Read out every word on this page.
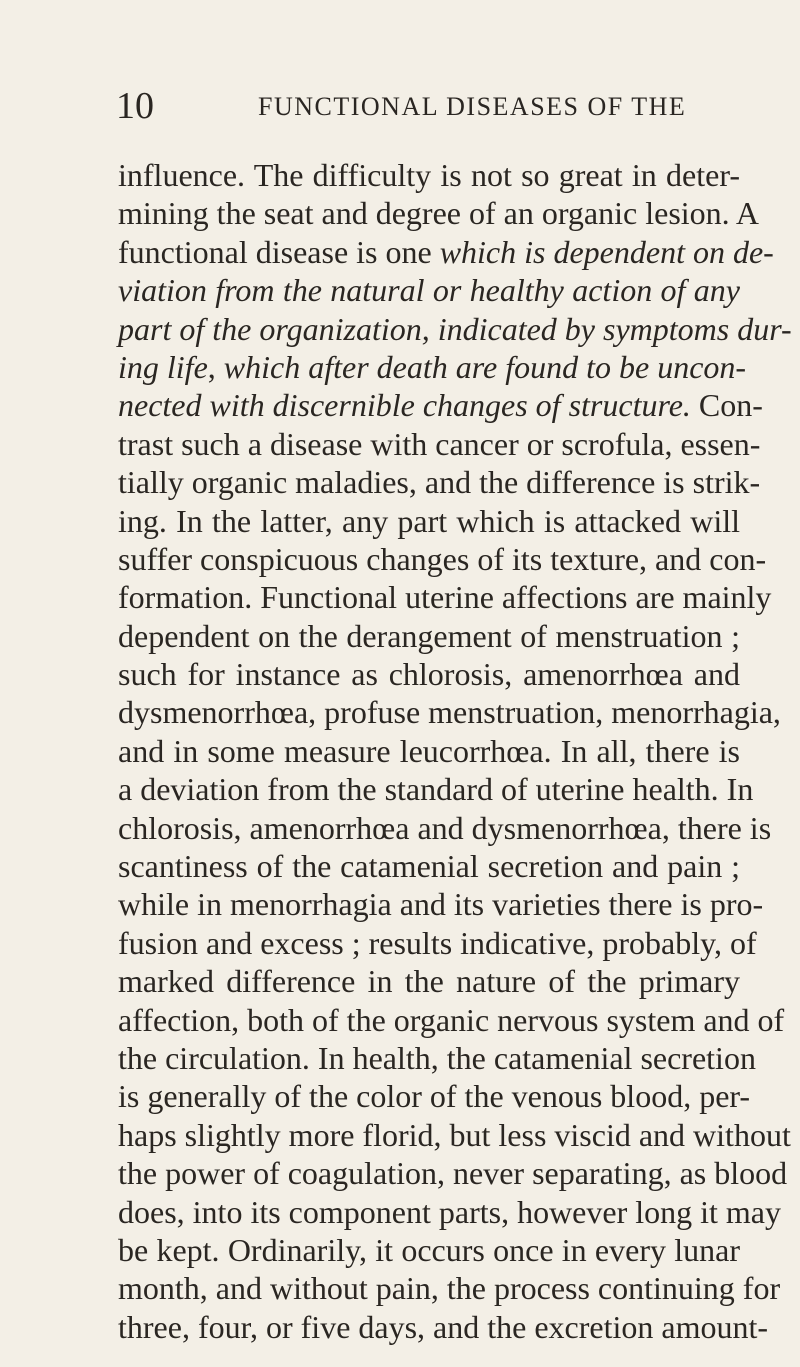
10	FUNCTIONAL DISEASES OF THE
influence. The difficulty is not so great in deter-
mining the seat and degree of an organic lesion. A
functional disease is one which is dependent on de-
viation from the natural or healthy action of any
part of the organization, indicated by symptoms dur-
ing life, which after death are found to be uncon-
nected with discernible changes of structure. Con-
trast such a disease with cancer or scrofula, essen-
tially organic maladies, and the difference is strik-
ing. In the latter, any part which is attacked will
suffer conspicuous changes of its texture, and con-
formation. Functional uterine affections are mainly
dependent on the derangement of menstruation ;
such for instance as chlorosis, amenorrhœa and
dysmenorrhœa, profuse menstruation, menorrhagia,
and in some measure leucorrhœa. In all, there is
a deviation from the standard of uterine health. In
chlorosis, amenorrhœa and dysmenorrhœa, there is
scantiness of the catamenial secretion and pain ;
while in menorrhagia and its varieties there is pro-
fusion and excess ; results indicative, probably, of
marked difference in the nature of the primary
affection, both of the organic nervous system and of
the circulation. In health, the catamenial secretion
is generally of the color of the venous blood, per-
haps slightly more florid, but less viscid and without
the power of coagulation, never separating, as blood
does, into its component parts, however long it may
be kept. Ordinarily, it occurs once in every lunar
month, and without pain, the process continuing for
three, four, or five days, and the excretion amount-
